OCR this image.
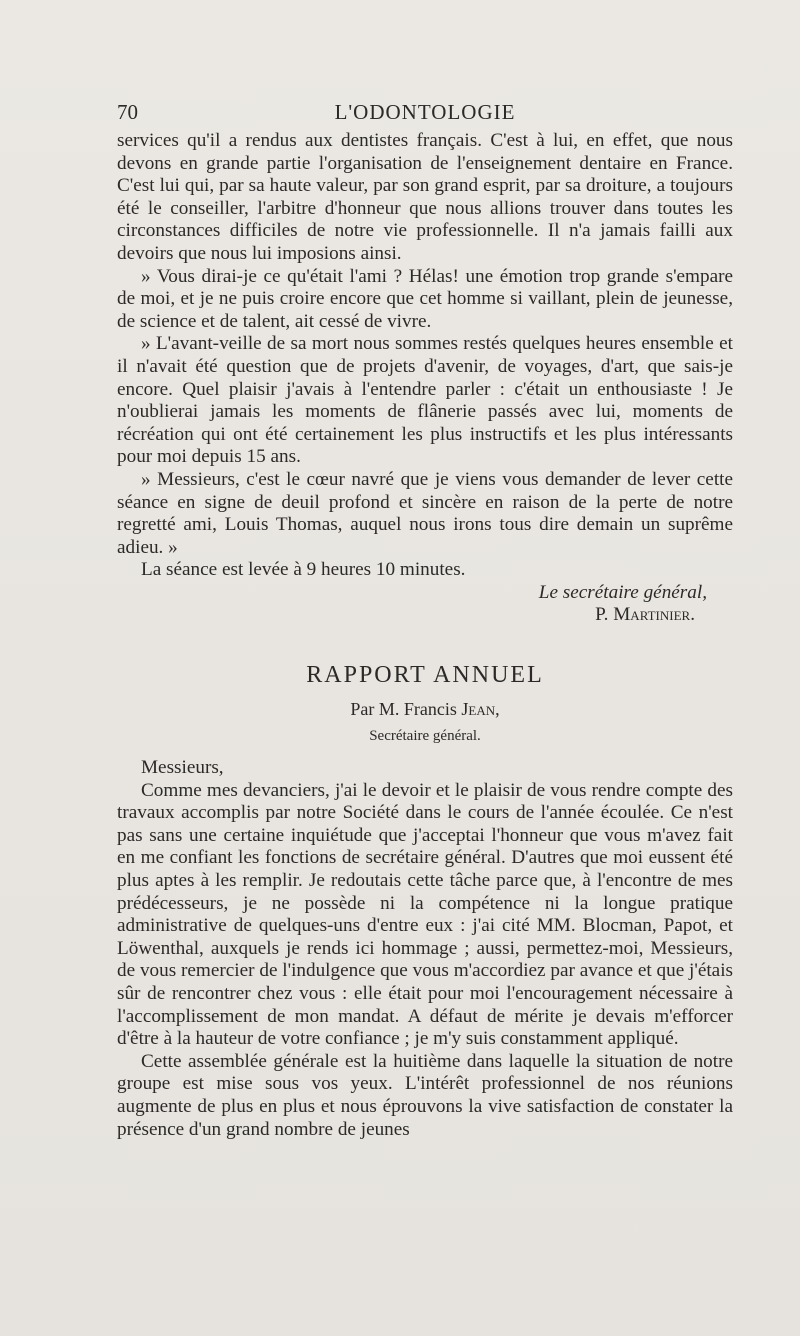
70	L'ODONTOLOGIE

services qu'il a rendus aux dentistes français. C'est à lui, en effet, que nous devons en grande partie l'organisation de l'enseignement dentaire en France. C'est lui qui, par sa haute valeur, par son grand esprit, par sa droiture, a toujours été le conseiller, l'arbitre d'honneur que nous allions trouver dans toutes les circonstances difficiles de notre vie professionnelle. Il n'a jamais failli aux devoirs que nous lui imposions ainsi.

» Vous dirai-je ce qu'était l'ami ? Hélas! une émotion trop grande s'empare de moi, et je ne puis croire encore que cet homme si vaillant, plein de jeunesse, de science et de talent, ait cessé de vivre.

» L'avant-veille de sa mort nous sommes restés quelques heures ensemble et il n'avait été question que de projets d'avenir, de voyages, d'art, que sais-je encore. Quel plaisir j'avais à l'entendre parler : c'était un enthousiaste ! Je n'oublierai jamais les moments de flânerie passés avec lui, moments de récréation qui ont été certainement les plus instructifs et les plus intéressants pour moi depuis 15 ans.

» Messieurs, c'est le cœur navré que je viens vous demander de lever cette séance en signe de deuil profond et sincère en raison de la perte de notre regretté ami, Louis Thomas, auquel nous irons tous dire demain un suprême adieu. »

La séance est levée à 9 heures 10 minutes.

Le secrétaire général,
P. Martinier.
RAPPORT ANNUEL
Par M. Francis Jean,
Secrétaire général.

Messieurs,

Comme mes devanciers, j'ai le devoir et le plaisir de vous rendre compte des travaux accomplis par notre Société dans le cours de l'année écoulée. Ce n'est pas sans une certaine inquiétude que j'acceptai l'honneur que vous m'avez fait en me confiant les fonctions de secrétaire général. D'autres que moi eussent été plus aptes à les remplir. Je redoutais cette tâche parce que, à l'encontre de mes prédécesseurs, je ne possède ni la compétence ni la longue pratique administrative de quelques-uns d'entre eux : j'ai cité MM. Blocman, Papot, et Löwenthal, auxquels je rends ici hommage ; aussi, permettez-moi, Messieurs, de vous remercier de l'indulgence que vous m'accordiez par avance et que j'étais sûr de rencontrer chez vous : elle était pour moi l'encouragement nécessaire à l'accomplissement de mon mandat. A défaut de mérite je devais m'efforcer d'être à la hauteur de votre confiance ; je m'y suis constamment appliqué.

Cette assemblée générale est la huitième dans laquelle la situation de notre groupe est mise sous vos yeux. L'intérêt professionnel de nos réunions augmente de plus en plus et nous éprouvons la vive satisfaction de constater la présence d'un grand nombre de jeunes
